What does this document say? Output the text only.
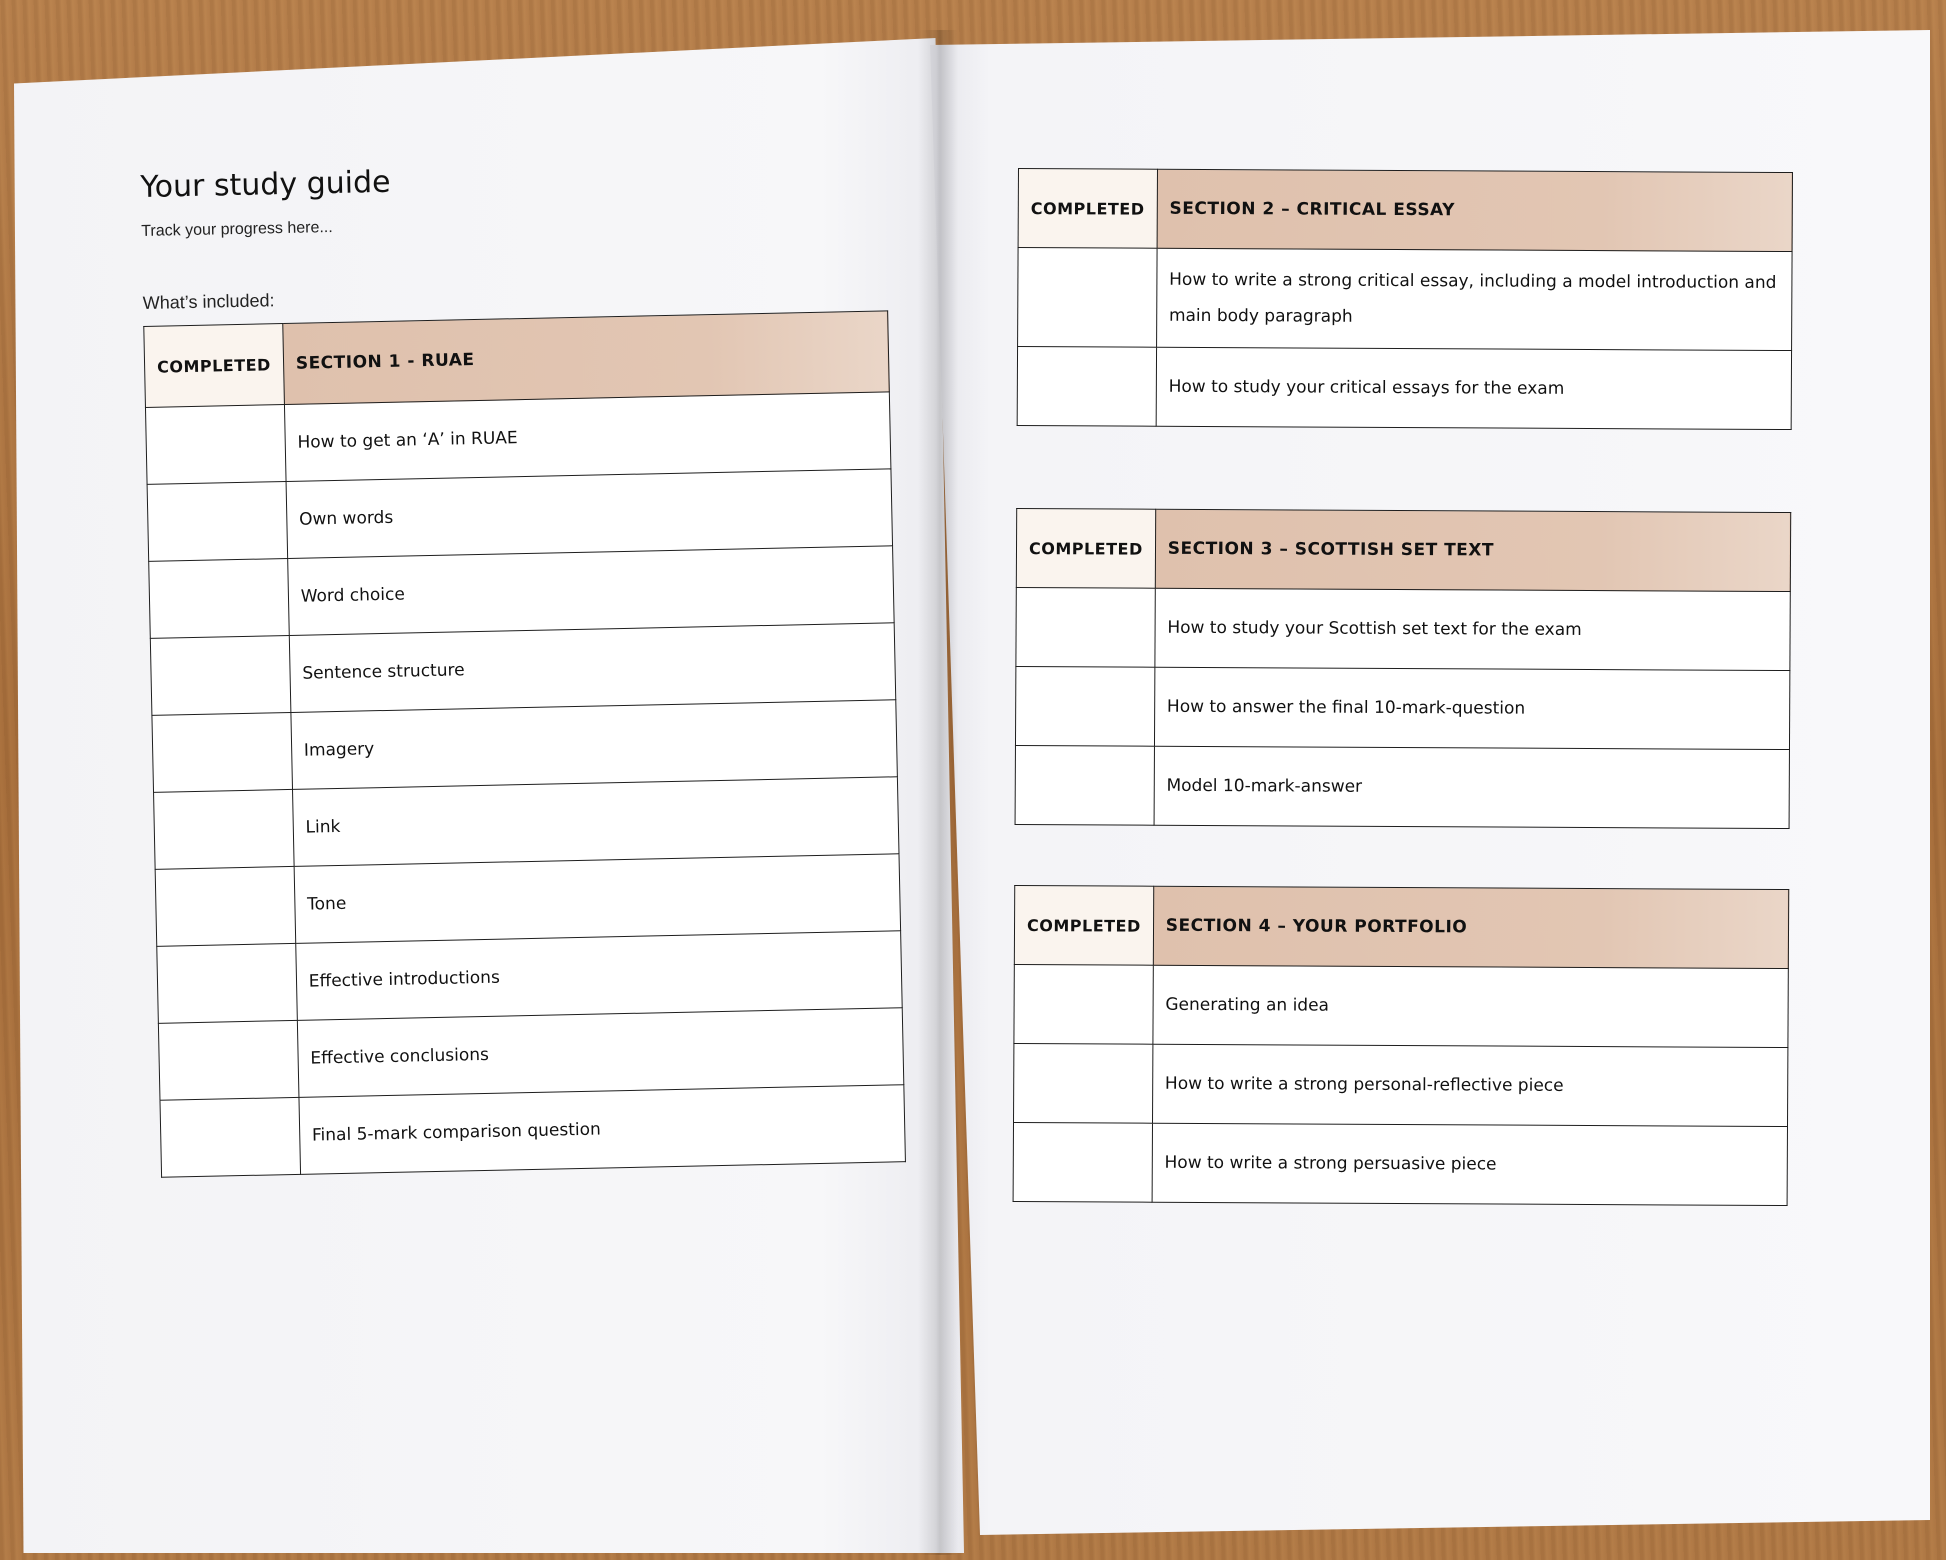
Your study guide
Track your progress here...
What’s included:
COMPLETED	SECTION 1 - RUAE
	How to get an ‘A’ in RUAE
	Own words
	Word choice
	Sentence structure
	Imagery
	Link
	Tone
	Effective introductions
	Effective conclusions
	Final 5-mark comparison question
COMPLETED	SECTION 2 – CRITICAL ESSAY
	How to write a strong critical essay, including a model introduction and main body paragraph
	How to study your critical essays for the exam
COMPLETED	SECTION 3 – SCOTTISH SET TEXT
	How to study your Scottish set text for the exam
	How to answer the final 10-mark-question
	Model 10-mark-answer
COMPLETED	SECTION 4 – YOUR PORTFOLIO
	Generating an idea
	How to write a strong personal-reflective piece
	How to write a strong persuasive piece
